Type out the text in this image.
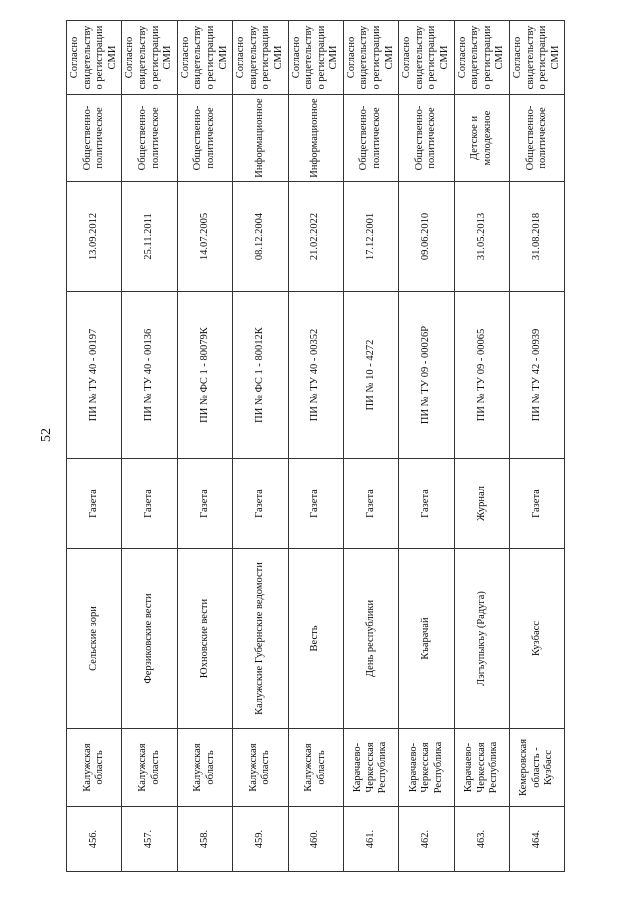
52
456.	Калужская область	Сельские зори	Газета	ПИ № ТУ 40 - 00197	13.09.2012	Общественно-политическое	Согласно свидетельству о регистрации СМИ
457.	Калужская область	Ферзиковские вести	Газета	ПИ № ТУ 40 - 00136	25.11.2011	Общественно-политическое	Согласно свидетельству о регистрации СМИ
458.	Калужская область	Юхновские вести	Газета	ПИ № ФС 1 - 80079К	14.07.2005	Общественно-политическое	Согласно свидетельству о регистрации СМИ
459.	Калужская область	Калужские Губернские ведомости	Газета	ПИ № ФС 1 - 80012К	08.12.2004	Информационное	Согласно свидетельству о регистрации СМИ
460.	Калужская область	Весть	Газета	ПИ № ТУ 40 - 00352	21.02.2022	Информационное	Согласно свидетельству о регистрации СМИ
461.	Карачаево-Черкесская Республика	День республики	Газета	ПИ № 10 - 4272	17.12.2001	Общественно-политическое	Согласно свидетельству о регистрации СМИ
462.	Карачаево-Черкесская Республика	Къарачай	Газета	ПИ № ТУ 09 - 00026Р	09.06.2010	Общественно-политическое	Согласно свидетельству о регистрации СМИ
463.	Карачаево-Черкесская Республика	Лэгъупыкъу (Радуга)	Журнал	ПИ № ТУ 09 - 00065	31.05.2013	Детское и молодежное	Согласно свидетельству о регистрации СМИ
464.	Кемеровская область - Кузбасс	Кузбасс	Газета	ПИ № ТУ 42 - 00939	31.08.2018	Общественно-политическое	Согласно свидетельству о регистрации СМИ
